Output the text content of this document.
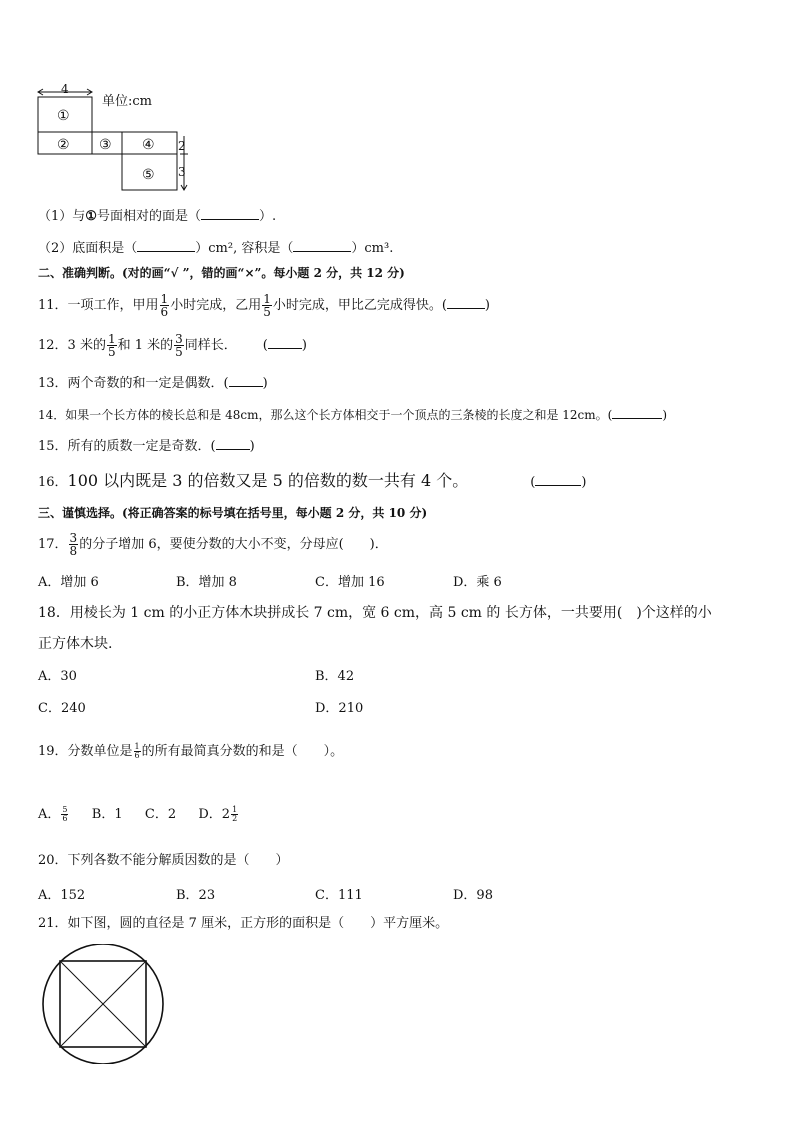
4
①
② ③ ④
⑤
2
3
单位:cm
（1）与①号面相对的面是（	）.
（2）底面积是（	）cm², 容积是（	）cm³.
二、准确判断。(对的画“√ ”，错的画“×”。每小题 2 分，共 12 分)
11．一项工作，甲用 $\frac{1}{6}$ 小时完成，乙用 $\frac{1}{5}$ 小时完成，甲比乙完成得快。(	)
12．3 米的 $\frac{1}{5}$ 和 1 米的 $\frac{3}{5}$ 同样长． (	)
13．两个奇数的和一定是偶数．(	)
14．如果一个长方体的棱长总和是 48cm，那么这个长方体相交于一个顶点的三条棱的长度之和是 12cm。(	)
15．所有的质数一定是奇数．(	)
16．100 以内既是 3 的倍数又是 5 的倍数的数一共有 4 个。	(	)
三、谨慎选择。(将正确答案的标号填在括号里，每小题 2 分，共 10 分)
17． $\frac{3}{8}$ 的分子增加 6，要使分数的大小不变，分母应(　　)．
A．增加 6	B．增加 8	C．增加 16	D．乘 6
18．用棱长为 1 cm 的小正方体木块拼成长 7 cm，宽 6 cm，高 5 cm 的 长方体，一共要用(　)个这样的小
正方体木块.
A．30	B．42
C．240	D．210
19．分数单位是 $\frac{1}{6}$ 的所有最简真分数的和是（　　）。
A． $\frac{5}{6}$ B．1 C．2 D．$2 \frac{1}{2}$
20．下列各数不能分解质因数的是（　　）
A．152	B．23	C．111	D．98
21．如下图，圆的直径是 7 厘米，正方形的面积是（　　）平方厘米。
